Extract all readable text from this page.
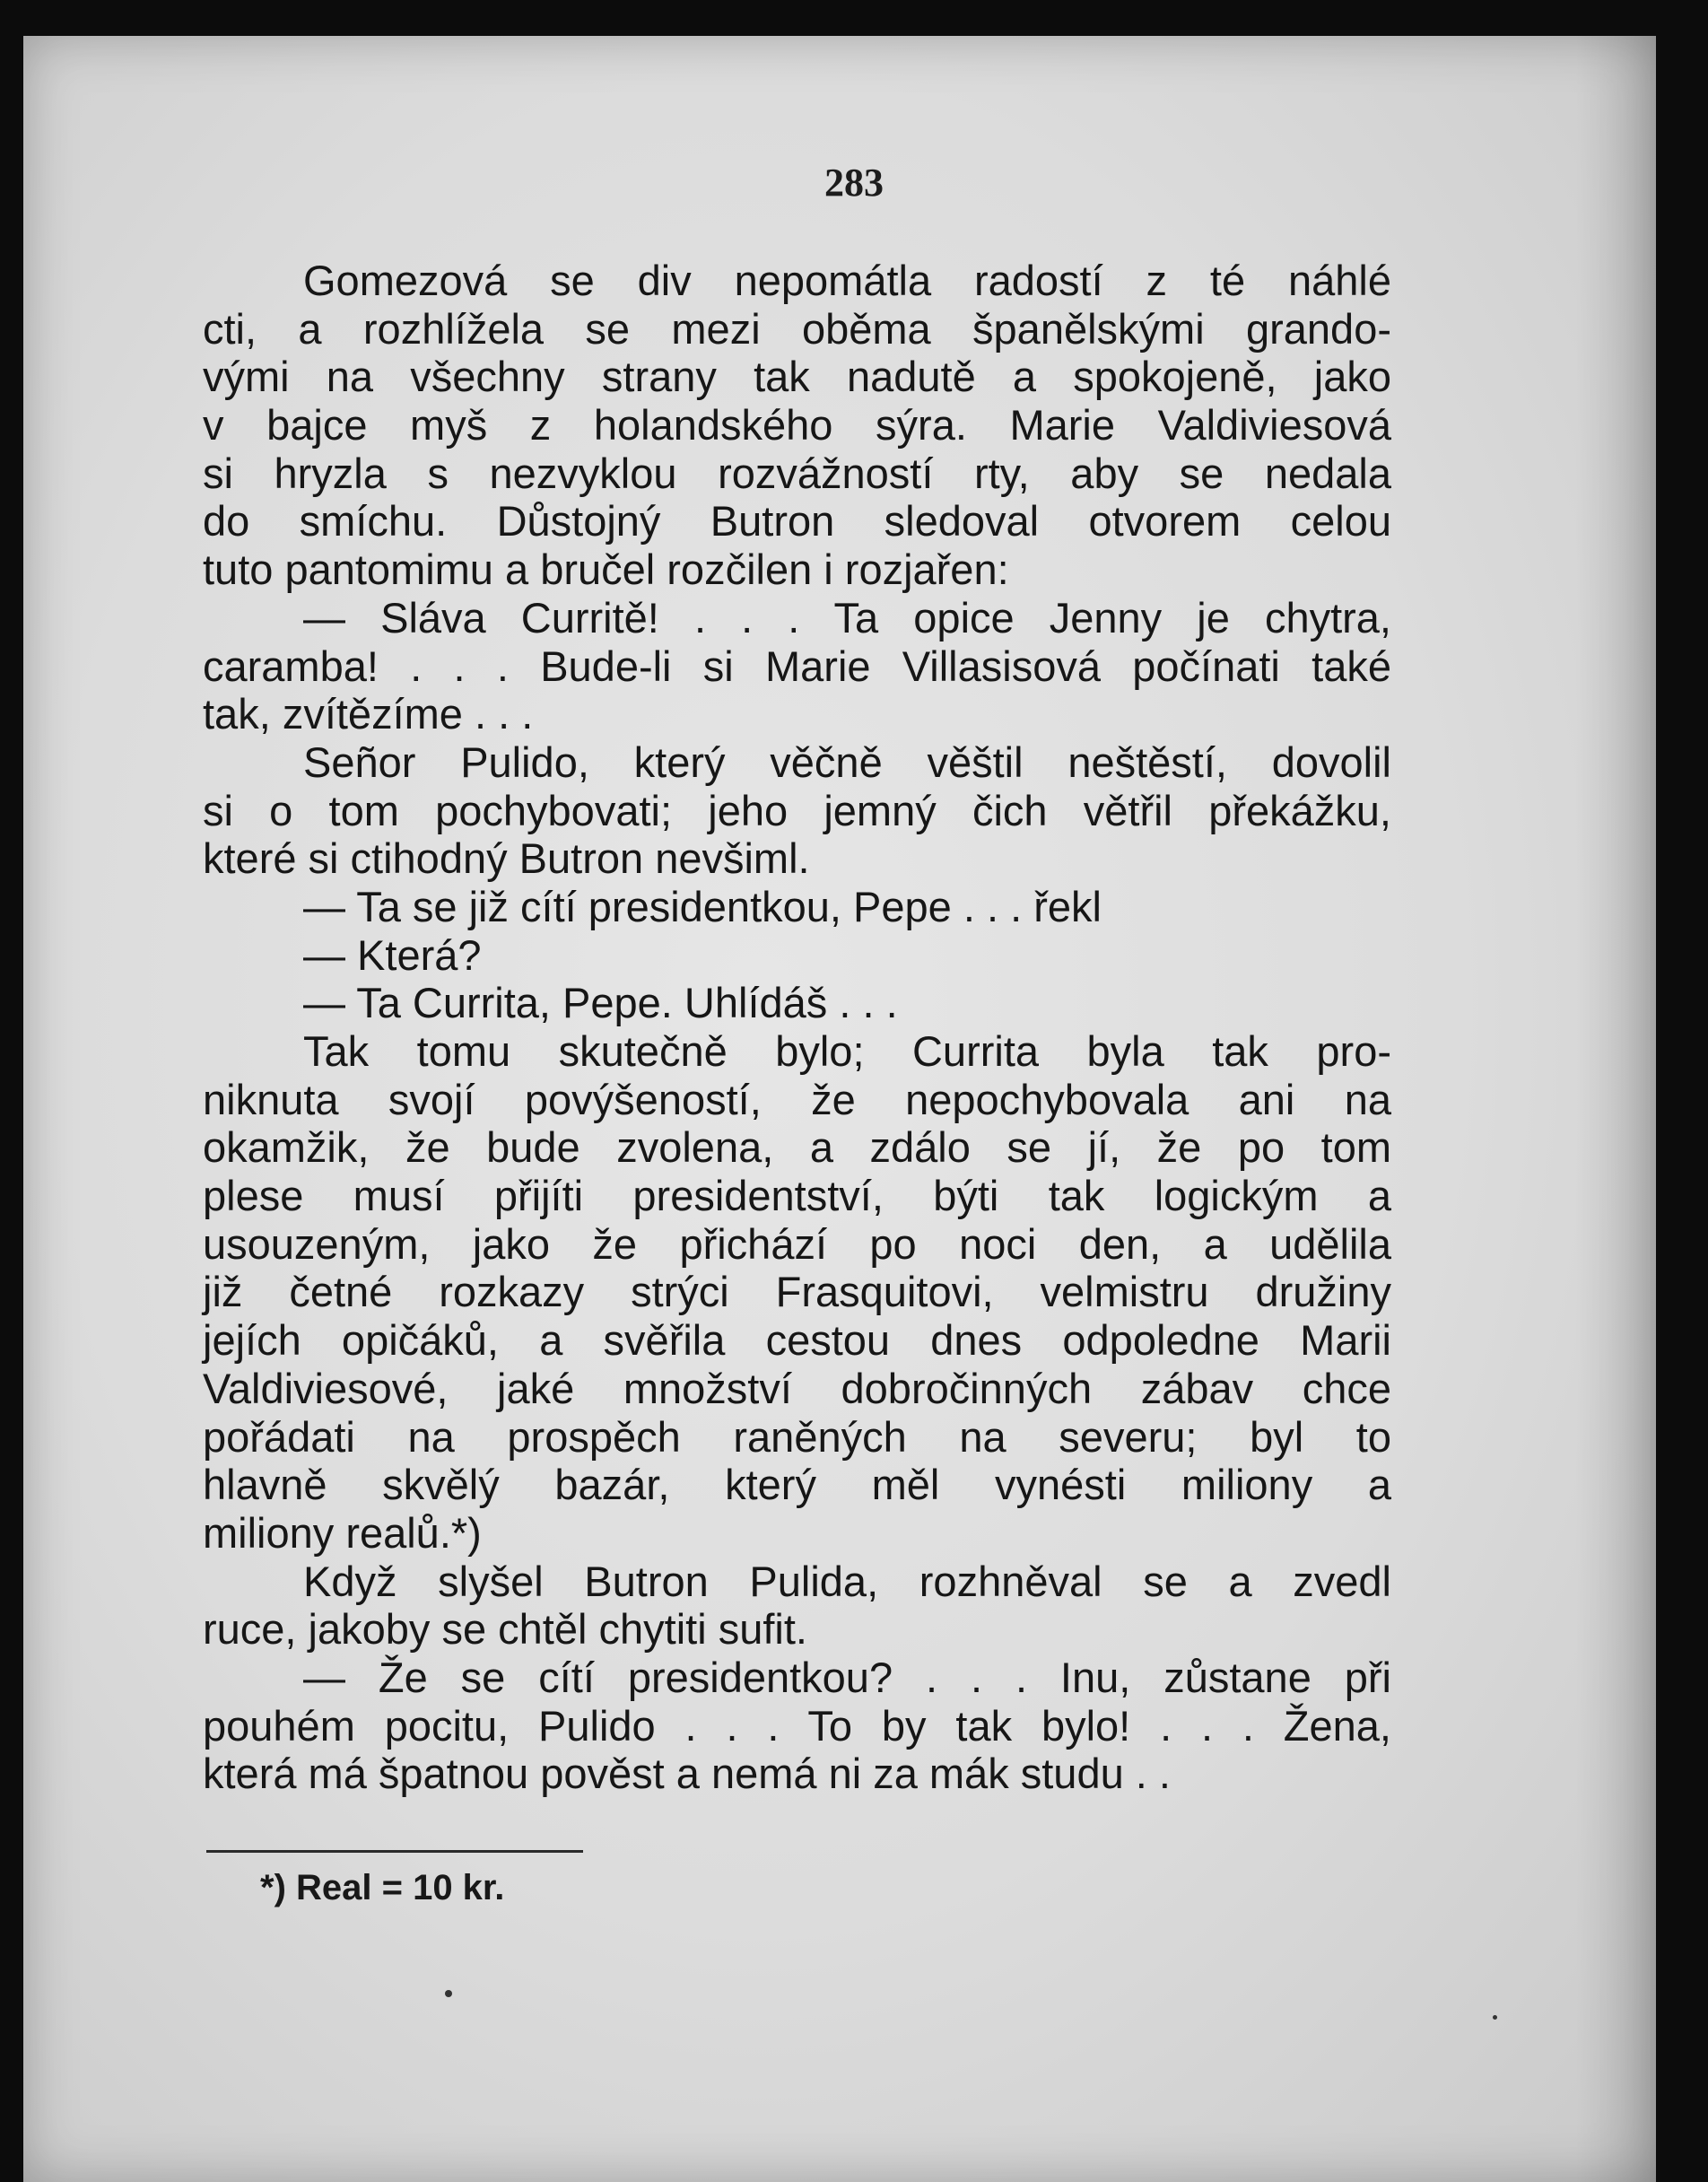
283
Gomezová se div nepomátla radostí z té náhlé
cti, a rozhlížela se mezi oběma španělskými grando-
vými na všechny strany tak nadutě a spokojeně, jako
v bajce myš z holandského sýra. Marie Valdiviesová
si hryzla s nezvyklou rozvážností rty, aby se nedala
do smíchu. Důstojný Butron sledoval otvorem celou
tuto pantomimu a bručel rozčilen i rozjařen:
— Sláva Curritě! . . . Ta opice Jenny je chytra,
caramba! . . . Bude-li si Marie Villasisová počínati také
tak, zvítězíme . . .
Señor Pulido, který věčně věštil neštěstí, dovolil
si o tom pochybovati; jeho jemný čich větřil překážku,
které si ctihodný Butron nevšiml.
— Ta se již cítí presidentkou, Pepe . . . řekl
— Která?
— Ta Currita, Pepe. Uhlídáš . . .
Tak tomu skutečně bylo; Currita byla tak pro-
niknuta svojí povýšeností, že nepochybovala ani na
okamžik, že bude zvolena, a zdálo se jí, že po tom
plese musí přijíti presidentství, býti tak logickým a
usouzeným, jako že přichází po noci den, a udělila
již četné rozkazy strýci Frasquitovi, velmistru družiny
jejích opičáků, a svěřila cestou dnes odpoledne Marii
Valdiviesové, jaké množství dobročinných zábav chce
pořádati na prospěch raněných na severu; byl to
hlavně skvělý bazár, který měl vynésti miliony a
miliony realů.*)
Když slyšel Butron Pulida, rozhněval se a zvedl
ruce, jakoby se chtěl chytiti sufit.
— Že se cítí presidentkou? . . . Inu, zůstane při
pouhém pocitu, Pulido . . . To by tak bylo! . . . Žena,
která má špatnou pověst a nemá ni za mák studu . .
*) Real = 10 kr.
